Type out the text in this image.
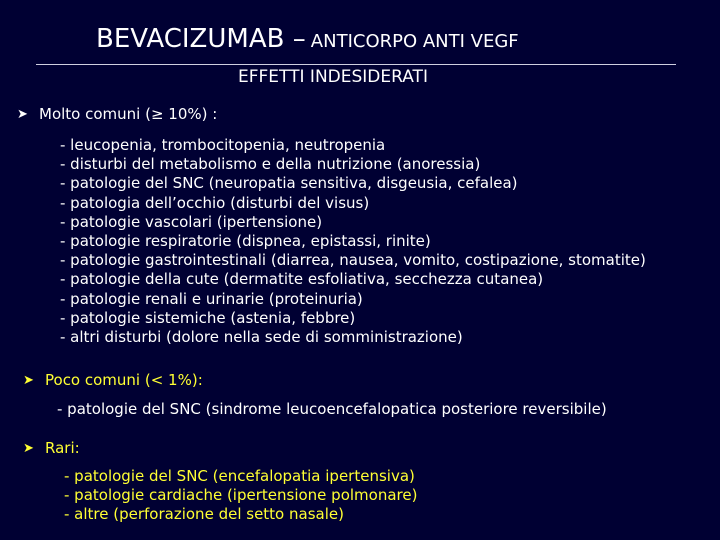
BEVACIZUMAB – ANTICORPO ANTI VEGF
EFFETTI INDESIDERATI
➤ Molto comuni (≥ 10%) :
- leucopenia, trombocitopenia, neutropenia
- disturbi del metabolismo e della nutrizione (anoressia)
- patologie del SNC (neuropatia sensitiva, disgeusia, cefalea)
- patologia dell’occhio (disturbi del visus)
- patologie vascolari (ipertensione)
- patologie respiratorie (dispnea, epistassi, rinite)
- patologie gastrointestinali (diarrea, nausea, vomito, costipazione, stomatite)
- patologie della cute (dermatite esfoliativa, secchezza cutanea)
- patologie renali e urinarie (proteinuria)
- patologie sistemiche (astenia, febbre)
- altri disturbi (dolore nella sede di somministrazione)
➤ Poco comuni (< 1%):
- patologie del SNC (sindrome leucoencefalopatica posteriore reversibile)
➤ Rari:
- patologie del SNC (encefalopatia ipertensiva)
- patologie cardiache (ipertensione polmonare)
- altre (perforazione del setto nasale)
